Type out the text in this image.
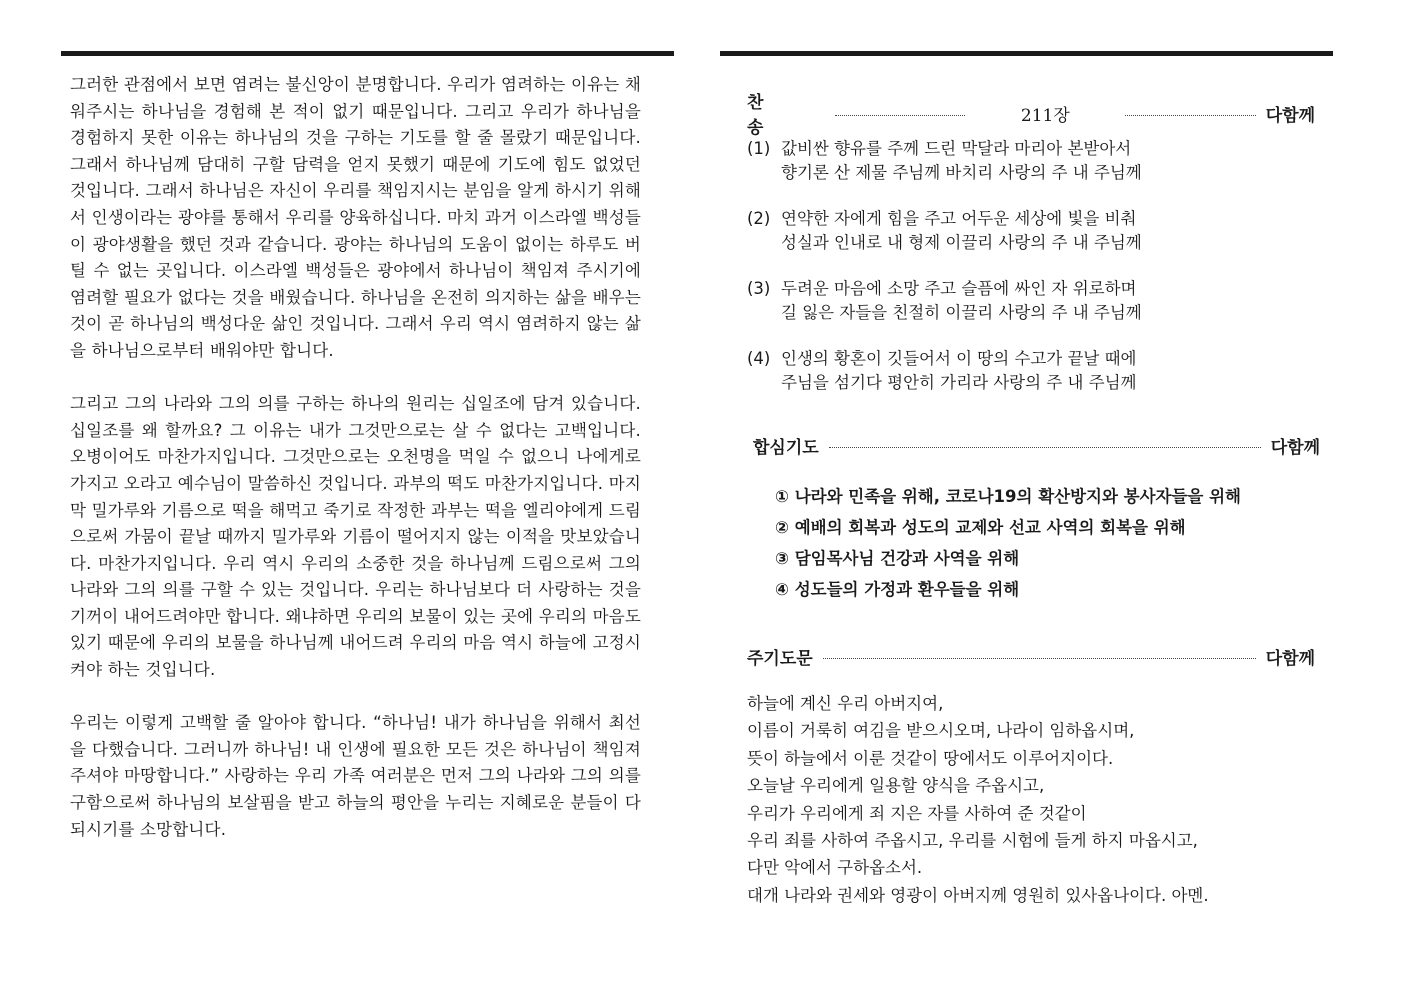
그러한 관점에서 보면 염려는 불신앙이 분명합니다. 우리가 염려하는 이유는 채워주시는 하나님을 경험해 본 적이 없기 때문입니다. 그리고 우리가 하나님을 경험하지 못한 이유는 하나님의 것을 구하는 기도를 할 줄 몰랐기 때문입니다. 그래서 하나님께 담대히 구할 담력을 얻지 못했기 때문에 기도에 힘도 없었던 것입니다. 그래서 하나님은 자신이 우리를 책임지시는 분임을 알게 하시기 위해서 인생이라는 광야를 통해서 우리를 양육하십니다. 마치 과거 이스라엘 백성들이 광야생활을 했던 것과 같습니다. 광야는 하나님의 도움이 없이는 하루도 버틸 수 없는 곳입니다. 이스라엘 백성들은 광야에서 하나님이 책임져 주시기에 염려할 필요가 없다는 것을 배웠습니다. 하나님을 온전히 의지하는 삶을 배우는 것이 곧 하나님의 백성다운 삶인 것입니다. 그래서 우리 역시 염려하지 않는 삶을 하나님으로부터 배워야만 합니다.

그리고 그의 나라와 그의 의를 구하는 하나의 원리는 십일조에 담겨 있습니다. 십일조를 왜 할까요? 그 이유는 내가 그것만으로는 살 수 없다는 고백입니다. 오병이어도 마찬가지입니다. 그것만으로는 오천명을 먹일 수 없으니 나에게로 가지고 오라고 예수님이 말씀하신 것입니다. 과부의 떡도 마찬가지입니다. 마지막 밀가루와 기름으로 떡을 해먹고 죽기로 작정한 과부는 떡을 엘리야에게 드림으로써 가뭄이 끝날 때까지 밀가루와 기름이 떨어지지 않는 이적을 맛보았습니다. 마찬가지입니다. 우리 역시 우리의 소중한 것을 하나님께 드림으로써 그의 나라와 그의 의를 구할 수 있는 것입니다. 우리는 하나님보다 더 사랑하는 것을 기꺼이 내어드려야만 합니다. 왜냐하면 우리의 보물이 있는 곳에 우리의 마음도 있기 때문에 우리의 보물을 하나님께 내어드려 우리의 마음 역시 하늘에 고정시켜야 하는 것입니다.

우리는 이렇게 고백할 줄 알아야 합니다. “하나님! 내가 하나님을 위해서 최선을 다했습니다. 그러니까 하나님! 내 인생에 필요한 모든 것은 하나님이 책임져 주셔야 마땅합니다.” 사랑하는 우리 가족 여러분은 먼저 그의 나라와 그의 의를 구함으로써 하나님의 보살핌을 받고 하늘의 평안을 누리는 지혜로운 분들이 다 되시기를 소망합니다.

찬 송
211장	다함께
(1) 값비싼 향유를 주께 드린 막달라 마리아 본받아서
향기론 산 제물 주님께 바치리 사랑의 주 내 주님께
(2) 연약한 자에게 힘을 주고 어두운 세상에 빛을 비춰
성실과 인내로 내 형제 이끌리 사랑의 주 내 주님께
(3) 두려운 마음에 소망 주고 슬픔에 싸인 자 위로하며
길 잃은 자들을 친절히 이끌리 사랑의 주 내 주님께
(4) 인생의 황혼이 깃들어서 이 땅의 수고가 끝날 때에
주님을 섬기다 평안히 가리라 사랑의 주 내 주님께
합심기도	다함께
① 나라와 민족을 위해, 코로나19의 확산방지와 봉사자들을 위해
② 예배의 회복과 성도의 교제와 선교 사역의 회복을 위해
③ 담임목사님 건강과 사역을 위해
④ 성도들의 가정과 환우들을 위해
주기도문	다함께
하늘에 계신 우리 아버지여,
이름이 거룩히 여김을 받으시오며, 나라이 임하옵시며,
뜻이 하늘에서 이룬 것같이 땅에서도 이루어지이다.
오늘날 우리에게 일용할 양식을 주옵시고,
우리가 우리에게 죄 지은 자를 사하여 준 것같이
우리 죄를 사하여 주옵시고, 우리를 시험에 들게 하지 마옵시고,
다만 악에서 구하옵소서.
대개 나라와 권세와 영광이 아버지께 영원히 있사옵나이다. 아멘.
